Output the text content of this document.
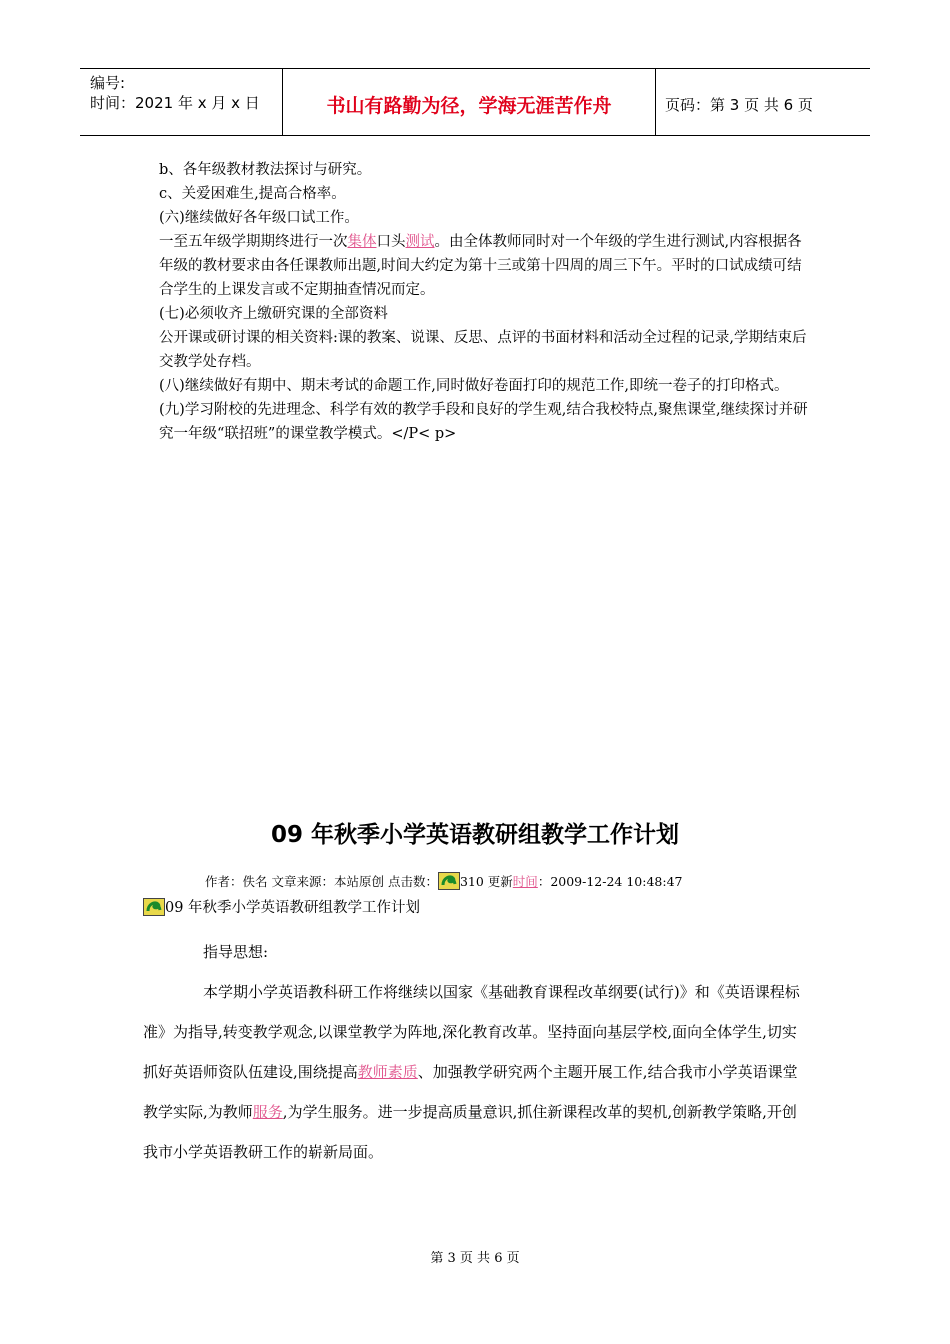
编号:
时间：2021 年 x 月 x 日	书山有路勤为径，学海无涯苦作舟	页码：第 3 页 共 6 页
b、各年级教材教法探讨与研究。
c、关爱困难生,提高合格率。
(六)继续做好各年级口试工作。
一至五年级学期期终进行一次集体口头测试。由全体教师同时对一个年级的学生进行测试,内容根据各年级的教材要求由各任课教师出题,时间大约定为第十三或第十四周的周三下午。平时的口试成绩可结合学生的上课发言或不定期抽查情况而定。
(七)必须收齐上缴研究课的全部资料
公开课或研讨课的相关资料:课的教案、说课、反思、点评的书面材料和活动全过程的记录,学期结束后交教学处存档。
(八)继续做好有期中、期末考试的命题工作,同时做好卷面打印的规范工作,即统一卷子的打印格式。
(九)学习附校的先进理念、科学有效的教学手段和良好的学生观,结合我校特点,聚焦课堂,继续探讨并研究一年级“联招班”的课堂教学模式。</P< p>
09 年秋季小学英语教研组教学工作计划
作者：佚名 文章来源：本站原创 点击数： 310 更新时间：2009-12-24 10:48:47
09 年秋季小学英语教研组教学工作计划
指导思想:
本学期小学英语教科研工作将继续以国家《基础教育课程改革纲要(试行)》和《英语课程标准》为指导,转变教学观念,以课堂教学为阵地,深化教育改革。坚持面向基层学校,面向全体学生,切实抓好英语师资队伍建设,围绕提高教师素质、加强教学研究两个主题开展工作,结合我市小学英语课堂教学实际,为教师服务,为学生服务。进一步提高质量意识,抓住新课程改革的契机,创新教学策略,开创我市小学英语教研工作的崭新局面。
第 3 页 共 6 页
